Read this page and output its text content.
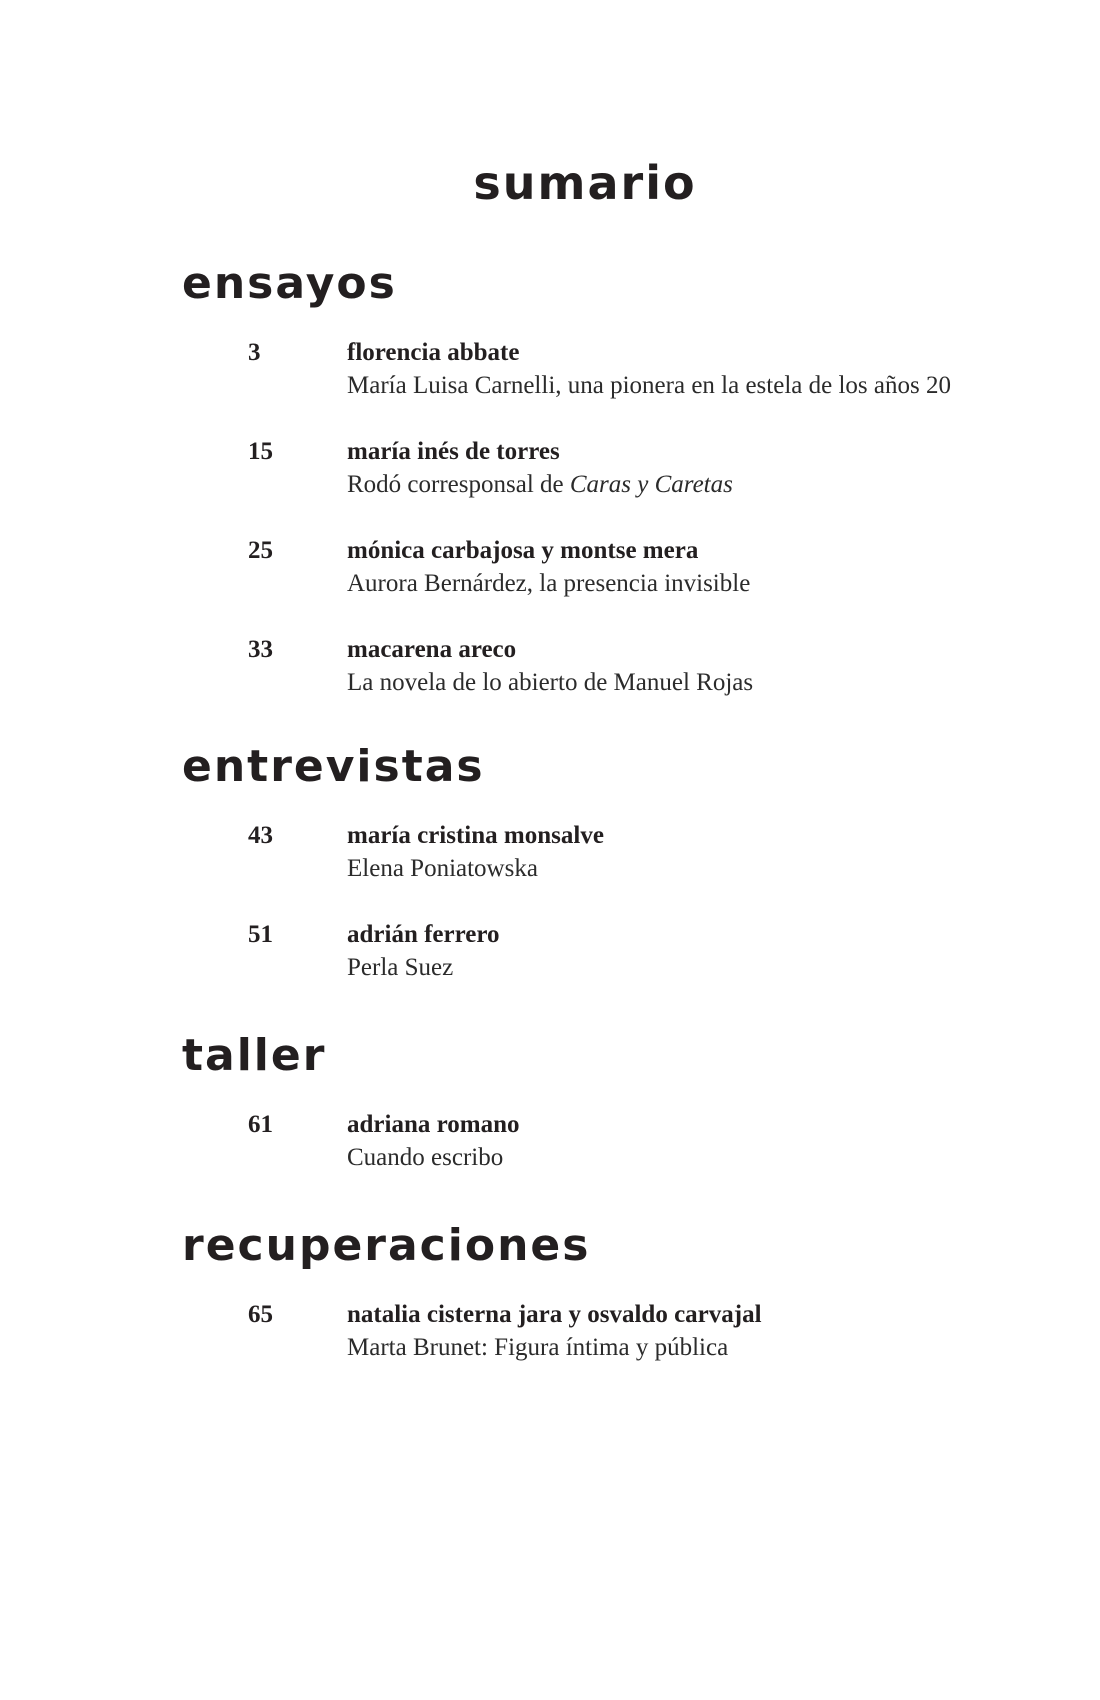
sumario
ensayos
3	florencia abbate
María Luisa Carnelli, una pionera en la estela de los años 20
15	maría inés de torres
Rodó corresponsal de Caras y Caretas
25	mónica carbajosa y montse mera
Aurora Bernárdez, la presencia invisible
33	macarena areco
La novela de lo abierto de Manuel Rojas
entrevistas
43	maría cristina monsalve
Elena Poniatowska
51	adrián ferrero
Perla Suez
taller
61	adriana romano
Cuando escribo
recuperaciones
65	natalia cisterna jara y osvaldo carvajal
Marta Brunet: Figura íntima y pública
